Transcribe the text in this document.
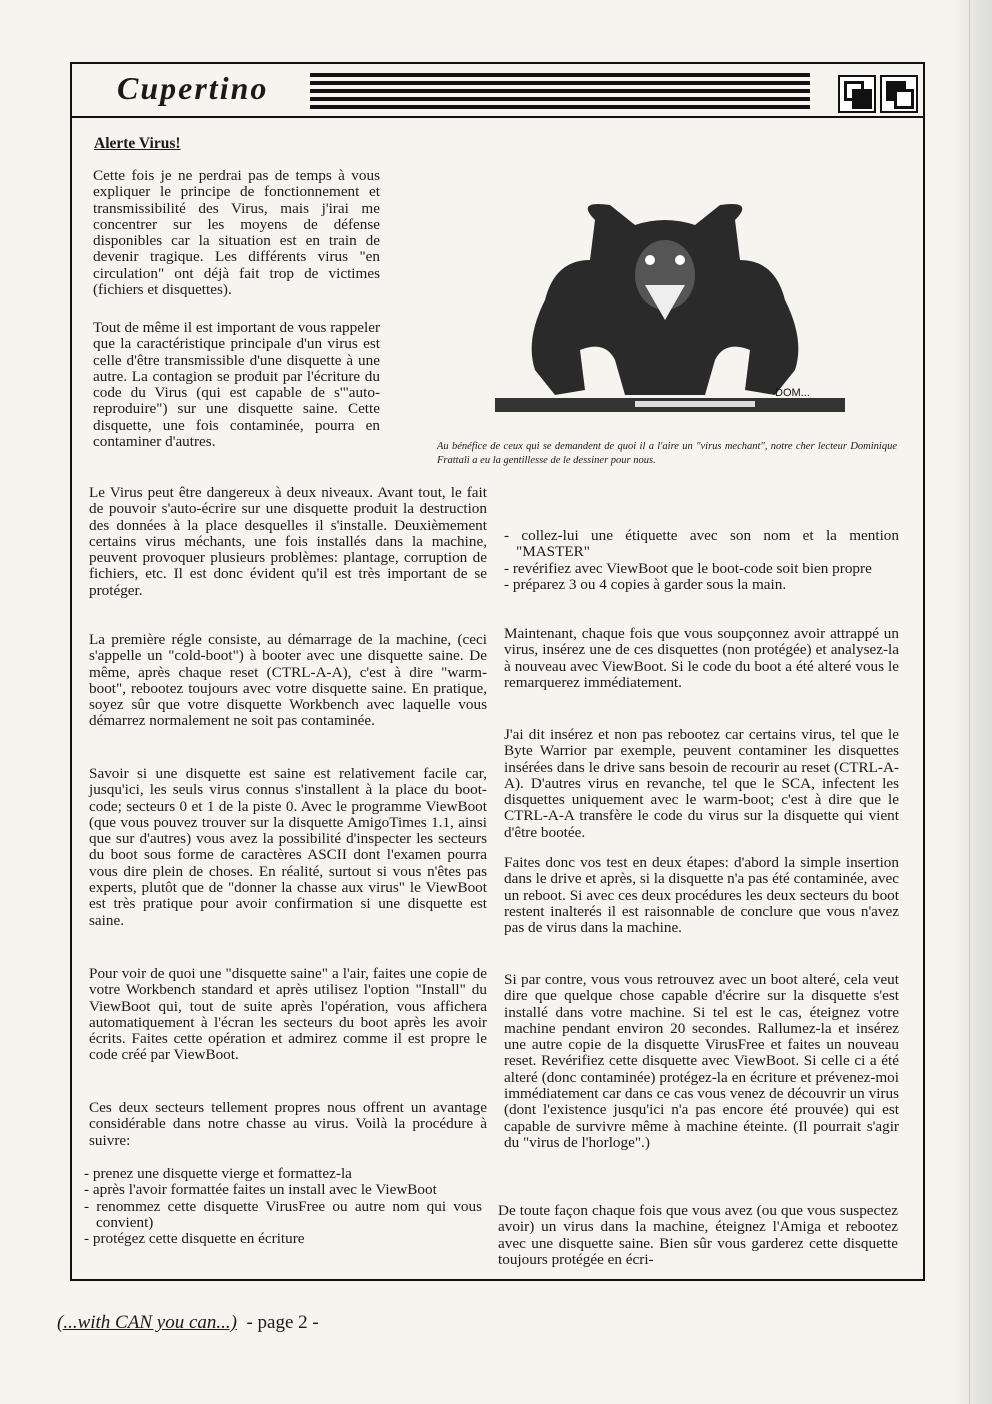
Cupertino

Alerte Virus!

Cette fois je ne perdrai pas de temps à vous expliquer le principe de fonctionnement et transmissibilité des Virus, mais j'irai me concentrer sur les moyens de défense disponibles car la situation est en train de devenir tragique. Les différents virus "en circulation" ont déjà fait trop de victimes (fichiers et disquettes).

Tout de même il est important de vous rappeler que la caractéristique principale d'un virus est celle d'être transmissible d'une disquette à une autre. La contagion se produit par l'écriture du code du Virus (qui est capable de s'"auto-reproduire") sur une disquette saine. Cette disquette, une fois contaminée, pourra en contaminer d'autres.

DOM...

Au bénéfice de ceux qui se demandent de quoi il a l'aire un "virus mechant", notre cher lecteur Dominique Frattali a eu la gentillesse de le dessiner pour nous.

Le Virus peut être dangereux à deux niveaux. Avant tout, le fait de pouvoir s'auto-écrire sur une disquette produit la destruction des données à la place desquelles il s'installe. Deuxièmement certains virus méchants, une fois installés dans la machine, peuvent provoquer plusieurs problèmes: plantage, corruption de fichiers, etc. Il est donc évident qu'il est très important de se protéger.

La première régle consiste, au démarrage de la machine, (ceci s'appelle un "cold-boot") à booter avec une disquette saine. De même, après chaque reset (CTRL-A-A), c'est à dire "warm-boot", rebootez toujours avec votre disquette saine. En pratique, soyez sûr que votre disquette Workbench avec laquelle vous démarrez normalement ne soit pas contaminée.

Savoir si une disquette est saine est relativement facile car, jusqu'ici, les seuls virus connus s'installent à la place du boot-code; secteurs 0 et 1 de la piste 0. Avec le programme ViewBoot (que vous pouvez trouver sur la disquette AmigoTimes 1.1, ainsi que sur d'autres) vous avez la possibilité d'inspecter les secteurs du boot sous forme de caractères ASCII dont l'examen pourra vous dire plein de choses. En réalité, surtout si vous n'êtes pas experts, plutôt que de "donner la chasse aux virus" le ViewBoot est très pratique pour avoir confirmation si une disquette est saine.

Pour voir de quoi une "disquette saine" a l'air, faites une copie de votre Workbench standard et après utilisez l'option "Install" du ViewBoot qui, tout de suite après l'opération, vous affichera automatiquement à l'écran les secteurs du boot après les avoir écrits. Faites cette opération et admirez comme il est propre le code créé par ViewBoot.

Ces deux secteurs tellement propres nous offrent un avantage considérable dans notre chasse au virus. Voilà la procédure à suivre:

- prenez une disquette vierge et formattez-la
- après l'avoir formattée faites un install avec le ViewBoot
- renommez cette disquette VirusFree ou autre nom qui vous convient)
- protégez cette disquette en écriture
- collez-lui une étiquette avec son nom et la mention "MASTER"
- revérifiez avec ViewBoot que le boot-code soit bien propre
- préparez 3 ou 4 copies à garder sous la main.

Maintenant, chaque fois que vous soupçonnez avoir attrappé un virus, insérez une de ces disquettes (non protégée) et analysez-la à nouveau avec ViewBoot. Si le code du boot a été alteré vous le remarquerez immédiatement.

J'ai dit insérez et non pas rebootez car certains virus, tel que le Byte Warrior par exemple, peuvent contaminer les disquettes insérées dans le drive sans besoin de recourir au reset (CTRL-A-A). D'autres virus en revanche, tel que le SCA, infectent les disquettes uniquement avec le warm-boot; c'est à dire que le CTRL-A-A transfère le code du virus sur la disquette qui vient d'être bootée.

Faites donc vos test en deux étapes: d'abord la simple insertion dans le drive et après, si la disquette n'a pas été contaminée, avec un reboot. Si avec ces deux procédures les deux secteurs du boot restent inalterés il est raisonnable de conclure que vous n'avez pas de virus dans la machine.

Si par contre, vous vous retrouvez avec un boot alteré, cela veut dire que quelque chose capable d'écrire sur la disquette s'est installé dans votre machine. Si tel est le cas, éteignez votre machine pendant environ 20 secondes. Rallumez-la et insérez une autre copie de la disquette VirusFree et faites un nouveau reset. Revérifiez cette disquette avec ViewBoot. Si celle ci a été alteré (donc contaminée) protégez-la en écriture et prévenez-moi immédiatement car dans ce cas vous venez de découvrir un virus (dont l'existence jusqu'ici n'a pas encore été prouvée) qui est capable de survivre même à machine éteinte. (Il pourrait s'agir du "virus de l'horloge".)

De toute façon chaque fois que vous avez (ou que vous suspectez avoir) un virus dans la machine, éteignez l'Amiga et rebootez avec une disquette saine. Bien sûr vous garderez cette disquette toujours protégée en écri-

(...with CAN you can...) - page 2 -
